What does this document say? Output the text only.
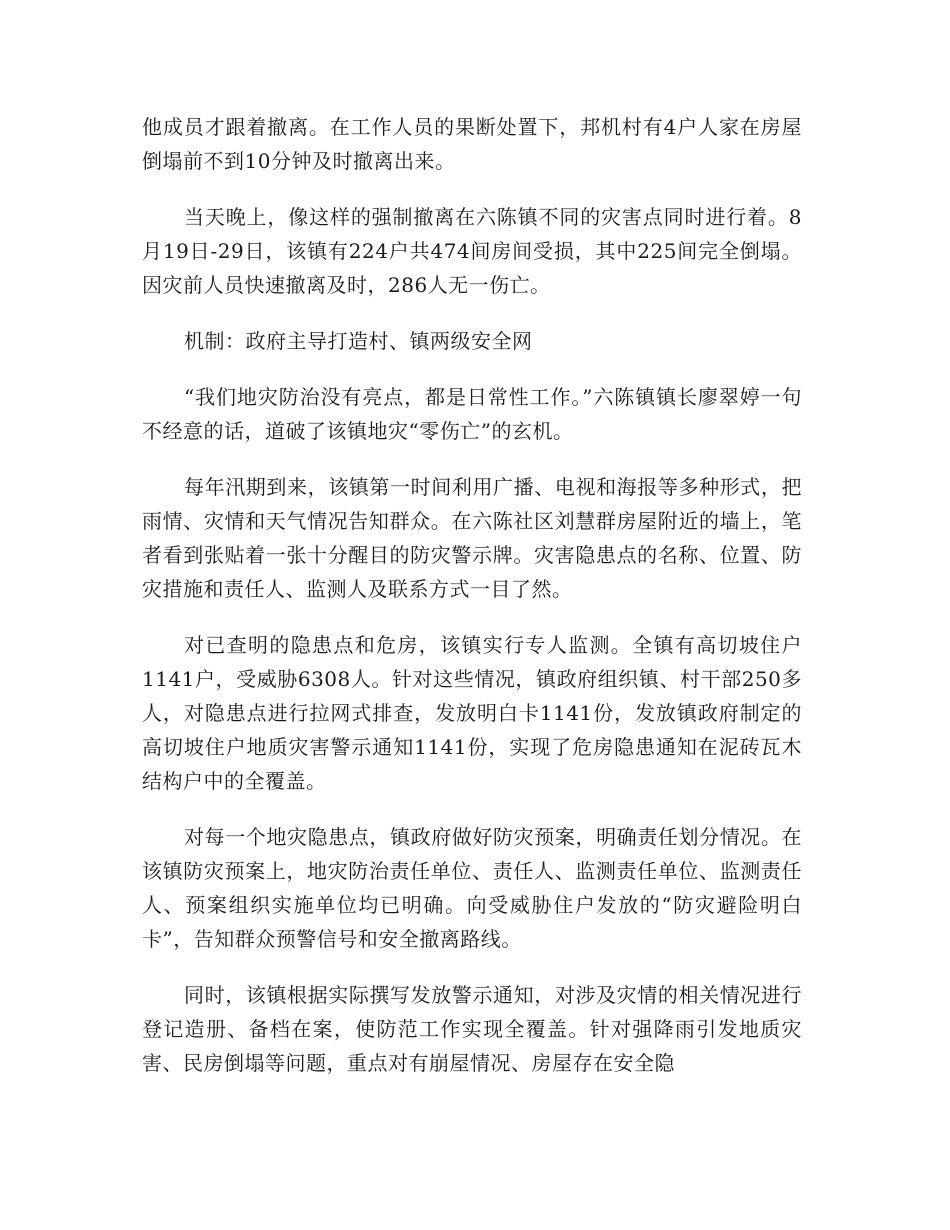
他成员才跟着撤离。在工作人员的果断处置下，邦机村有4户人家在房屋倒塌前不到10分钟及时撤离出来。

当天晚上，像这样的强制撤离在六陈镇不同的灾害点同时进行着。8月19日-29日，该镇有224户共474间房间受损，其中225间完全倒塌。因灾前人员快速撤离及时，286人无一伤亡。

机制：政府主导打造村、镇两级安全网

“我们地灾防治没有亮点，都是日常性工作。”六陈镇镇长廖翠婷一句不经意的话，道破了该镇地灾“零伤亡”的玄机。

每年汛期到来，该镇第一时间利用广播、电视和海报等多种形式，把雨情、灾情和天气情况告知群众。在六陈社区刘慧群房屋附近的墙上，笔者看到张贴着一张十分醒目的防灾警示牌。灾害隐患点的名称、位置、防灾措施和责任人、监测人及联系方式一目了然。

对已查明的隐患点和危房，该镇实行专人监测。全镇有高切坡住户1141户，受威胁6308人。针对这些情况，镇政府组织镇、村干部250多人，对隐患点进行拉网式排查，发放明白卡1141份，发放镇政府制定的高切坡住户地质灾害警示通知1141份，实现了危房隐患通知在泥砖瓦木结构户中的全覆盖。

对每一个地灾隐患点，镇政府做好防灾预案，明确责任划分情况。在该镇防灾预案上，地灾防治责任单位、责任人、监测责任单位、监测责任人、预案组织实施单位均已明确。向受威胁住户发放的“防灾避险明白卡”，告知群众预警信号和安全撤离路线。

同时，该镇根据实际撰写发放警示通知，对涉及灾情的相关情况进行登记造册、备档在案，使防范工作实现全覆盖。针对强降雨引发地质灾害、民房倒塌等问题，重点对有崩屋情况、房屋存在安全隐
